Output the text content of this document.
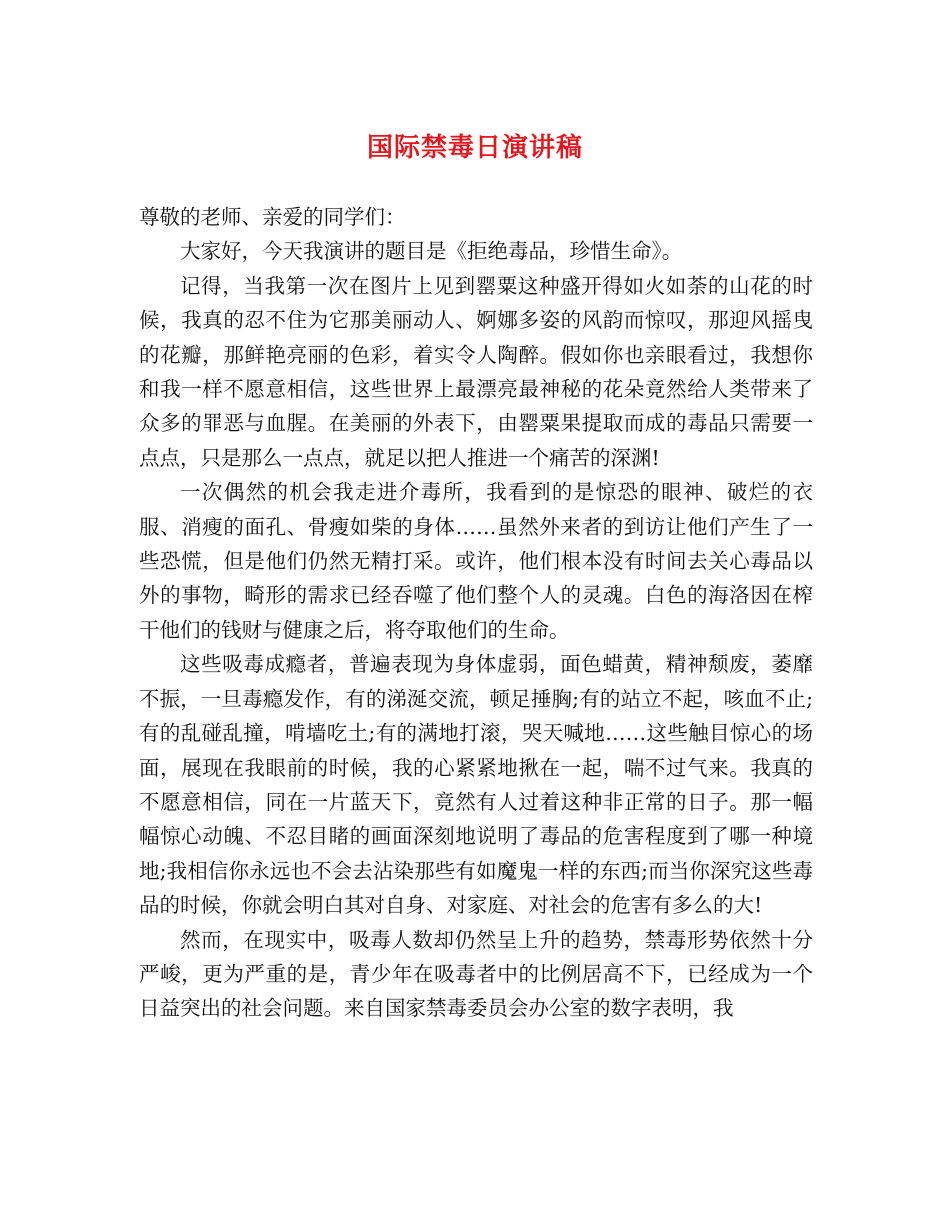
国际禁毒日演讲稿

尊敬的老师、亲爱的同学们：

大家好，今天我演讲的题目是《拒绝毒品，珍惜生命》。

记得，当我第一次在图片上见到罂粟这种盛开得如火如荼的山花的时候，我真的忍不住为它那美丽动人、婀娜多姿的风韵而惊叹，那迎风摇曳的花瓣，那鲜艳亮丽的色彩，着实令人陶醉。假如你也亲眼看过，我想你和我一样不愿意相信，这些世界上最漂亮最神秘的花朵竟然给人类带来了众多的罪恶与血腥。在美丽的外表下，由罂粟果提取而成的毒品只需要一点点，只是那么一点点，就足以把人推进一个痛苦的深渊!

一次偶然的机会我走进介毒所，我看到的是惊恐的眼神、破烂的衣服、消瘦的面孔、骨瘦如柴的身体……虽然外来者的到访让他们产生了一些恐慌，但是他们仍然无精打采。或许，他们根本没有时间去关心毒品以外的事物，畸形的需求已经吞噬了他们整个人的灵魂。白色的海洛因在榨干他们的钱财与健康之后，将夺取他们的生命。

这些吸毒成瘾者，普遍表现为身体虚弱，面色蜡黄，精神颓废，萎靡不振，一旦毒瘾发作，有的涕涎交流，顿足捶胸;有的站立不起，咳血不止;有的乱碰乱撞，啃墙吃土;有的满地打滚，哭天喊地……这些触目惊心的场面，展现在我眼前的时候，我的心紧紧地揪在一起，喘不过气来。我真的不愿意相信，同在一片蓝天下，竟然有人过着这种非正常的日子。那一幅幅惊心动魄、不忍目睹的画面深刻地说明了毒品的危害程度到了哪一种境地;我相信你永远也不会去沾染那些有如魔鬼一样的东西;而当你深究这些毒品的时候，你就会明白其对自身、对家庭、对社会的危害有多么的大!

然而，在现实中，吸毒人数却仍然呈上升的趋势，禁毒形势依然十分严峻，更为严重的是，青少年在吸毒者中的比例居高不下，已经成为一个日益突出的社会问题。来自国家禁毒委员会办公室的数字表明，我
